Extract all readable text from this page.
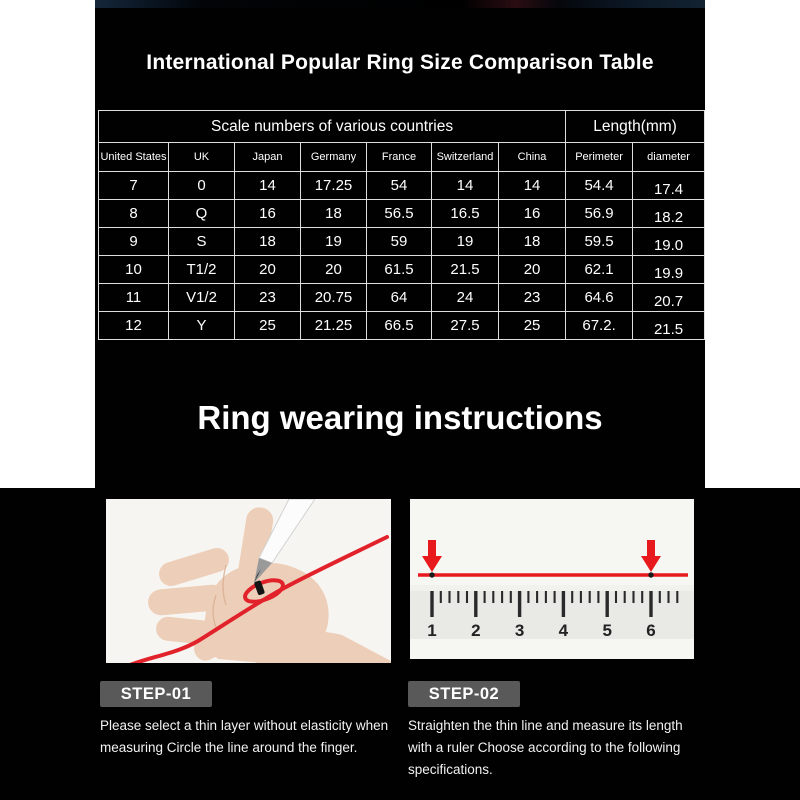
International Popular Ring Size Comparison Table
Scale numbers of various countries							Length(mm)	
United States	UK	Japan	Germany	France	Switzerland	China	Perimeter	diameter
7	0	14	17.25	54	14	14	54.4	17.4
8	Q	16	18	56.5	16.5	16	56.9	18.2
9	S	18	19	59	19	18	59.5	19.0
10	T1/2	20	20	61.5	21.5	20	62.1	19.9
11	V1/2	23	20.75	64	24	23	64.6	20.7
12	Y	25	21.25	66.5	27.5	25	67.2.	21.5
Ring wearing instructions
1 2 3 4 5 6
STEP-01	STEP-02
Please select a thin layer without elasticity when measuring Circle the line around the finger.
Straighten the thin line and measure its length with a ruler Choose according to the following specifications.
